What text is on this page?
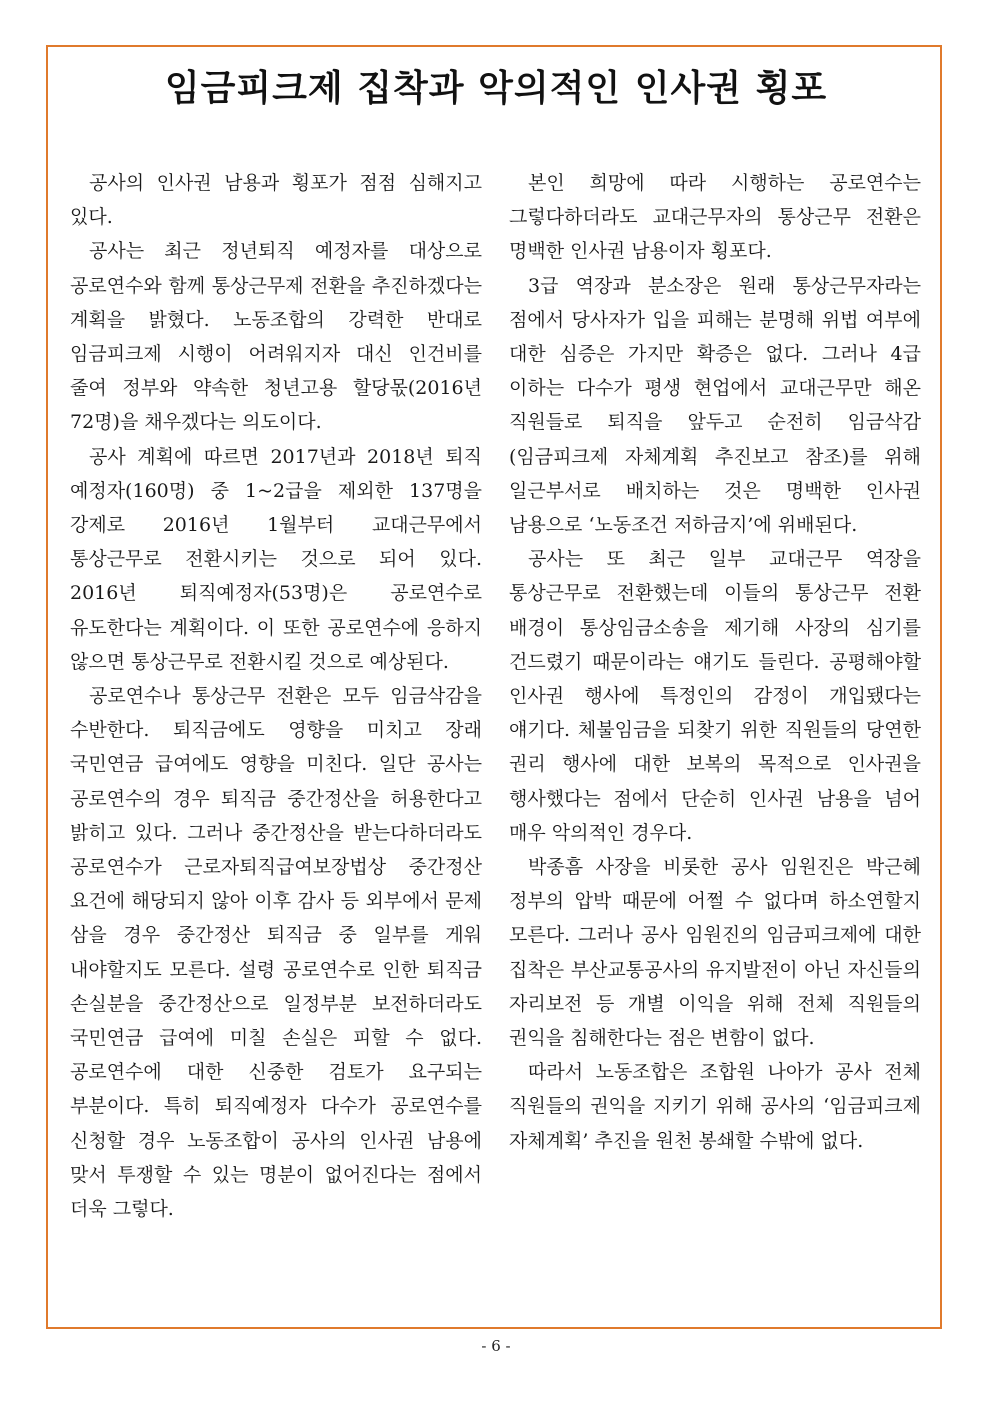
임금피크제 집착과 악의적인 인사권 횡포

공사의 인사권 남용과 횡포가 점점 심해지고 있다.

공사는 최근 정년퇴직 예정자를 대상으로 공로연수와 함께 통상근무제 전환을 추진하겠다는 계획을 밝혔다. 노동조합의 강력한 반대로 임금피크제 시행이 어려워지자 대신 인건비를 줄여 정부와 약속한 청년고용 할당몫(2016년 72명)을 채우겠다는 의도이다.

공사 계획에 따르면 2017년과 2018년 퇴직 예정자(160명) 중 1~2급을 제외한 137명을 강제로 2016년 1월부터 교대근무에서 통상근무로 전환시키는 것으로 되어 있다. 2016년 퇴직예정자(53명)은 공로연수로 유도한다는 계획이다. 이 또한 공로연수에 응하지 않으면 통상근무로 전환시킬 것으로 예상된다.

공로연수나 통상근무 전환은 모두 임금삭감을 수반한다. 퇴직금에도 영향을 미치고 장래 국민연금 급여에도 영향을 미친다. 일단 공사는 공로연수의 경우 퇴직금 중간정산을 허용한다고 밝히고 있다. 그러나 중간정산을 받는다하더라도 공로연수가 근로자퇴직급여보장법상 중간정산 요건에 해당되지 않아 이후 감사 등 외부에서 문제 삼을 경우 중간정산 퇴직금 중 일부를 게워 내야할지도 모른다. 설령 공로연수로 인한 퇴직금 손실분을 중간정산으로 일정부분 보전하더라도 국민연금 급여에 미칠 손실은 피할 수 없다. 공로연수에 대한 신중한 검토가 요구되는 부분이다. 특히 퇴직예정자 다수가 공로연수를 신청할 경우 노동조합이 공사의 인사권 남용에 맞서 투쟁할 수 있는 명분이 없어진다는 점에서 더욱 그렇다.

본인 희망에 따라 시행하는 공로연수는 그렇다하더라도 교대근무자의 통상근무 전환은 명백한 인사권 남용이자 횡포다.

3급 역장과 분소장은 원래 통상근무자라는 점에서 당사자가 입을 피해는 분명해 위법 여부에 대한 심증은 가지만 확증은 없다. 그러나 4급 이하는 다수가 평생 현업에서 교대근무만 해온 직원들로 퇴직을 앞두고 순전히 임금삭감(임금피크제 자체계획 추진보고 참조)를 위해 일근부서로 배치하는 것은 명백한 인사권 남용으로 ‘노동조건 저하금지’에 위배된다.

공사는 또 최근 일부 교대근무 역장을 통상근무로 전환했는데 이들의 통상근무 전환 배경이 통상임금소송을 제기해 사장의 심기를 건드렸기 때문이라는 얘기도 들린다. 공평해야할 인사권 행사에 특정인의 감정이 개입됐다는 얘기다. 체불임금을 되찾기 위한 직원들의 당연한 권리 행사에 대한 보복의 목적으로 인사권을 행사했다는 점에서 단순히 인사권 남용을 넘어 매우 악의적인 경우다.

박종흠 사장을 비롯한 공사 임원진은 박근혜 정부의 압박 때문에 어쩔 수 없다며 하소연할지 모른다. 그러나 공사 임원진의 임금피크제에 대한 집착은 부산교통공사의 유지발전이 아닌 자신들의 자리보전 등 개별 이익을 위해 전체 직원들의 권익을 침해한다는 점은 변함이 없다.

따라서 노동조합은 조합원 나아가 공사 전체 직원들의 권익을 지키기 위해 공사의 ‘임금피크제 자체계획’ 추진을 원천 봉쇄할 수밖에 없다.

- 6 -
